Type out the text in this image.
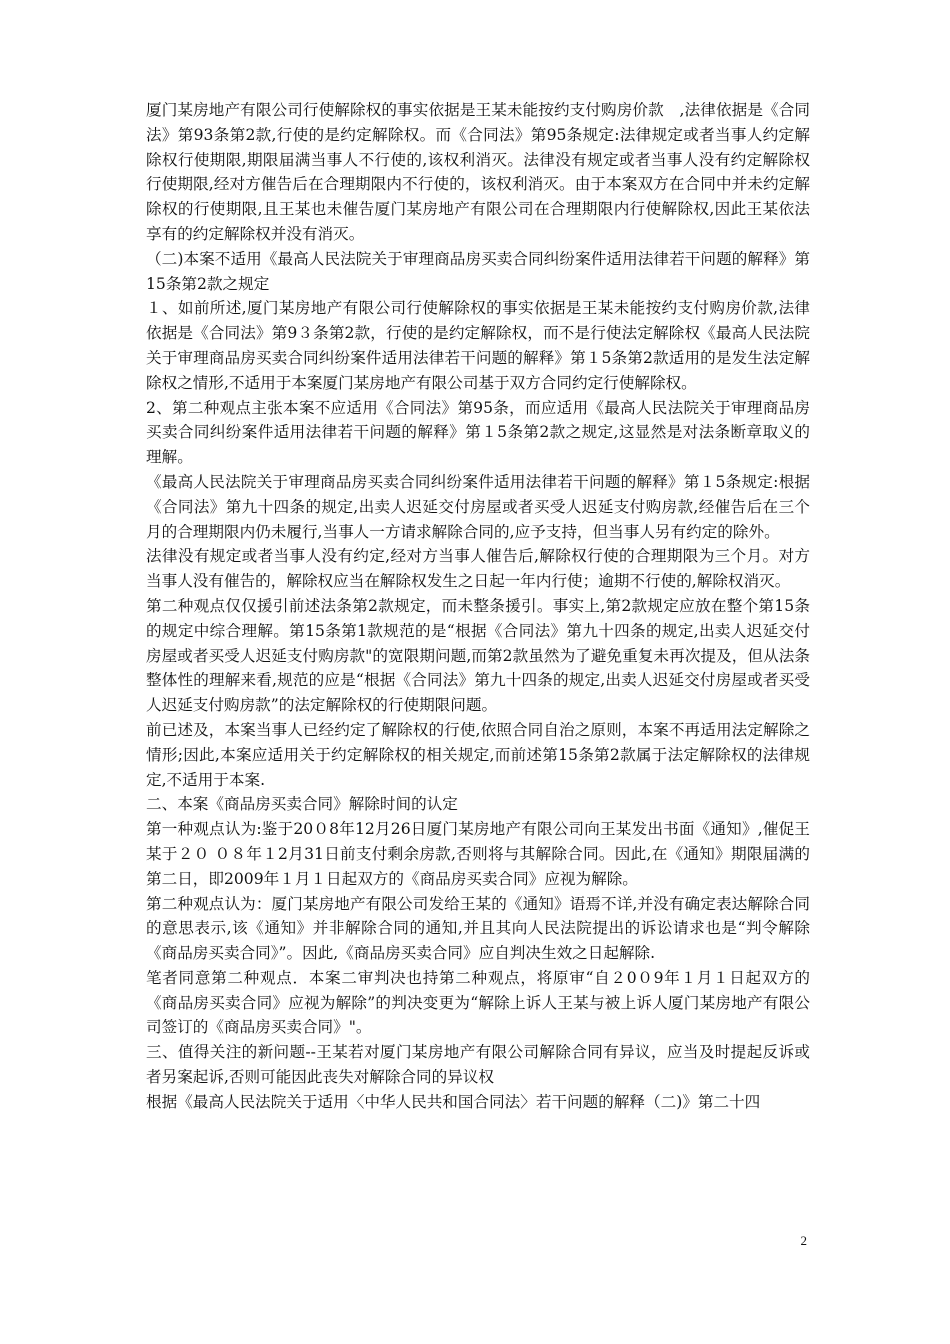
厦门某房地产有限公司行使解除权的事实依据是王某未能按约支付购房价款　,法律依据是《合同法》第93条第2款,行使的是约定解除权。而《合同法》第95条规定:法律规定或者当事人约定解除权行使期限,期限届满当事人不行使的,该权利消灭。法律没有规定或者当事人没有约定解除权行使期限,经对方催告后在合理期限内不行使的，该权利消灭。由于本案双方在合同中并未约定解除权的行使期限,且王某也未催告厦门某房地产有限公司在合理期限内行使解除权,因此王某依法享有的约定解除权并没有消灭。

（二)本案不适用《最高人民法院关于审理商品房买卖合同纠纷案件适用法律若干问题的解释》第15条第2款之规定

１、如前所述,厦门某房地产有限公司行使解除权的事实依据是王某未能按约支付购房价款,法律依据是《合同法》第9３条第2款，行使的是约定解除权，而不是行使法定解除权《最高人民法院关于审理商品房买卖合同纠纷案件适用法律若干问题的解释》第１5条第2款适用的是发生法定解除权之情形,不适用于本案厦门某房地产有限公司基于双方合同约定行使解除权。

2、第二种观点主张本案不应适用《合同法》第95条，而应适用《最高人民法院关于审理商品房买卖合同纠纷案件适用法律若干问题的解释》第１5条第2款之规定,这显然是对法条断章取义的理解。

《最高人民法院关于审理商品房买卖合同纠纷案件适用法律若干问题的解释》第１5条规定:根据《合同法》第九十四条的规定,出卖人迟延交付房屋或者买受人迟延支付购房款,经催告后在三个月的合理期限内仍未履行,当事人一方请求解除合同的,应予支持，但当事人另有约定的除外。

法律没有规定或者当事人没有约定,经对方当事人催告后,解除权行使的合理期限为三个月。对方当事人没有催告的，解除权应当在解除权发生之日起一年内行使；逾期不行使的,解除权消灭。

第二种观点仅仅援引前述法条第2款规定，而未整条援引。事实上,第2款规定应放在整个第15条的规定中综合理解。第15条第1款规范的是“根据《合同法》第九十四条的规定,出卖人迟延交付房屋或者买受人迟延支付购房款"的宽限期问题,而第2款虽然为了避免重复未再次提及，但从法条整体性的理解来看,规范的应是“根据《合同法》第九十四条的规定,出卖人迟延交付房屋或者买受人迟延支付购房款”的法定解除权的行使期限问题。

前已述及，本案当事人已经约定了解除权的行使,依照合同自治之原则，本案不再适用法定解除之情形;因此,本案应适用关于约定解除权的相关规定,而前述第15条第2款属于法定解除权的法律规定,不适用于本案.

二、本案《商品房买卖合同》解除时间的认定

第一种观点认为:鉴于20０8年12月26日厦门某房地产有限公司向王某发出书面《通知》,催促王某于２０ ０８年１2月31日前支付剩余房款,否则将与其解除合同。因此,在《通知》期限届满的第二日，即2009年１月１日起双方的《商品房买卖合同》应视为解除。

第二种观点认为：厦门某房地产有限公司发给王某的《通知》语焉不详,并没有确定表达解除合同的意思表示,该《通知》并非解除合同的通知,并且其向人民法院提出的诉讼请求也是“判令解除《商品房买卖合同》”。因此,《商品房买卖合同》应自判决生效之日起解除.

笔者同意第二种观点．本案二审判决也持第二种观点，将原审“自２0０9年１月１日起双方的《商品房买卖合同》应视为解除”的判决变更为“解除上诉人王某与被上诉人厦门某房地产有限公司签订的《商品房买卖合同》"。

三、值得关注的新问题--王某若对厦门某房地产有限公司解除合同有异议，应当及时提起反诉或者另案起诉,否则可能因此丧失对解除合同的异议权

根据《最高人民法院关于适用〈中华人民共和国合同法〉若干问题的解释（二)》第二十四

2
